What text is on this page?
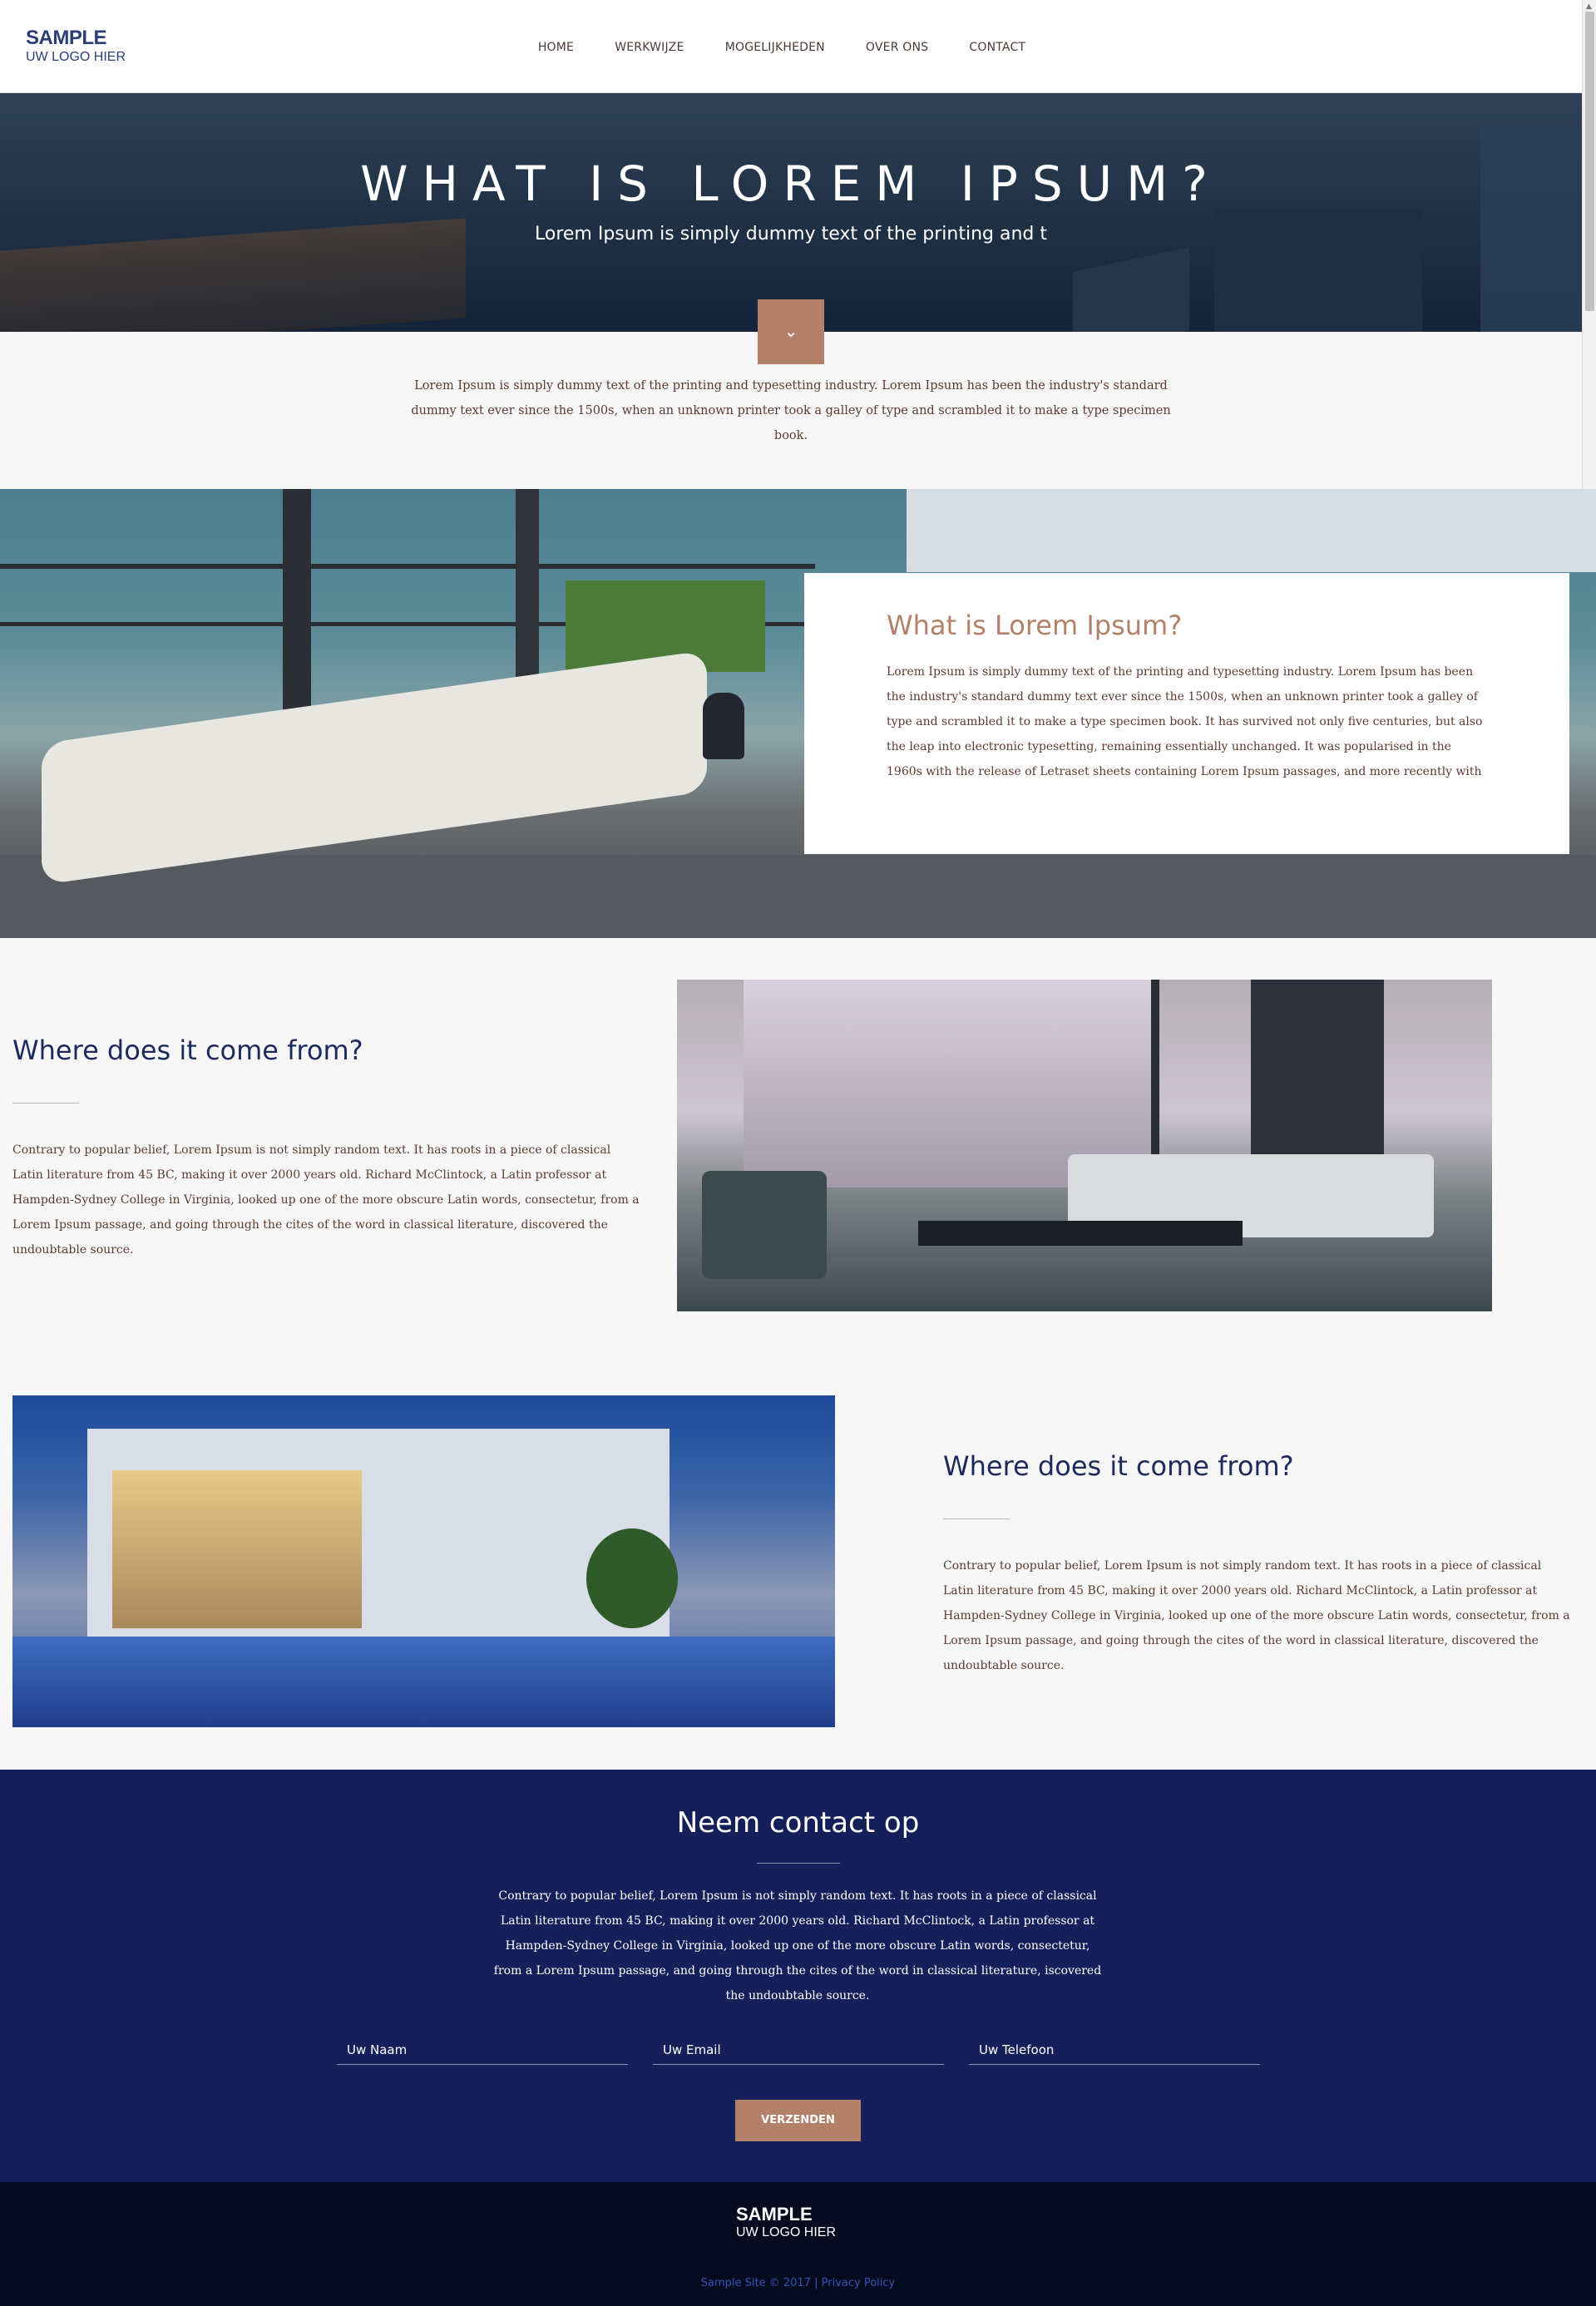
SAMPLE
UW LOGO HIER
HOME	WERKWIJZE	MOGELIJKHEDEN	OVER ONS	CONTACT
▲
WHAT IS LOREM IPSUM?
Lorem Ipsum is simply dummy text of the printing and t
⌄

Lorem Ipsum is simply dummy text of the printing and typesetting industry. Lorem Ipsum has been the industry's standard dummy text ever since the 1500s, when an unknown printer took a galley of type and scrambled it to make a type specimen book.

What is Lorem Ipsum?

Lorem Ipsum is simply dummy text of the printing and typesetting industry. Lorem Ipsum has been the industry's standard dummy text ever since the 1500s, when an unknown printer took a galley of type and scrambled it to make a type specimen book. It has survived not only five centuries, but also the leap into electronic typesetting, remaining essentially unchanged. It was popularised in the 1960s with the release of Letraset sheets containing Lorem Ipsum passages, and more recently with

Where does it come from?

Contrary to popular belief, Lorem Ipsum is not simply random text. It has roots in a piece of classical Latin literature from 45 BC, making it over 2000 years old. Richard McClintock, a Latin professor at Hampden-Sydney College in Virginia, looked up one of the more obscure Latin words, consectetur, from a Lorem Ipsum passage, and going through the cites of the word in classical literature, discovered the undoubtable source.

Where does it come from?

Contrary to popular belief, Lorem Ipsum is not simply random text. It has roots in a piece of classical Latin literature from 45 BC, making it over 2000 years old. Richard McClintock, a Latin professor at Hampden-Sydney College in Virginia, looked up one of the more obscure Latin words, consectetur, from a Lorem Ipsum passage, and going through the cites of the word in classical literature, discovered the undoubtable source.

Neem contact op

Contrary to popular belief, Lorem Ipsum is not simply random text. It has roots in a piece of classical Latin literature from 45 BC, making it over 2000 years old. Richard McClintock, a Latin professor at Hampden-Sydney College in Virginia, looked up one of the more obscure Latin words, consectetur, from a Lorem Ipsum passage, and going through the cites of the word in classical literature, iscovered the undoubtable source.

Uw Naam	Uw Email	Uw Telefoon
VERZENDEN
SAMPLE
UW LOGO HIER
Sample Site © 2017 | Privacy Policy
